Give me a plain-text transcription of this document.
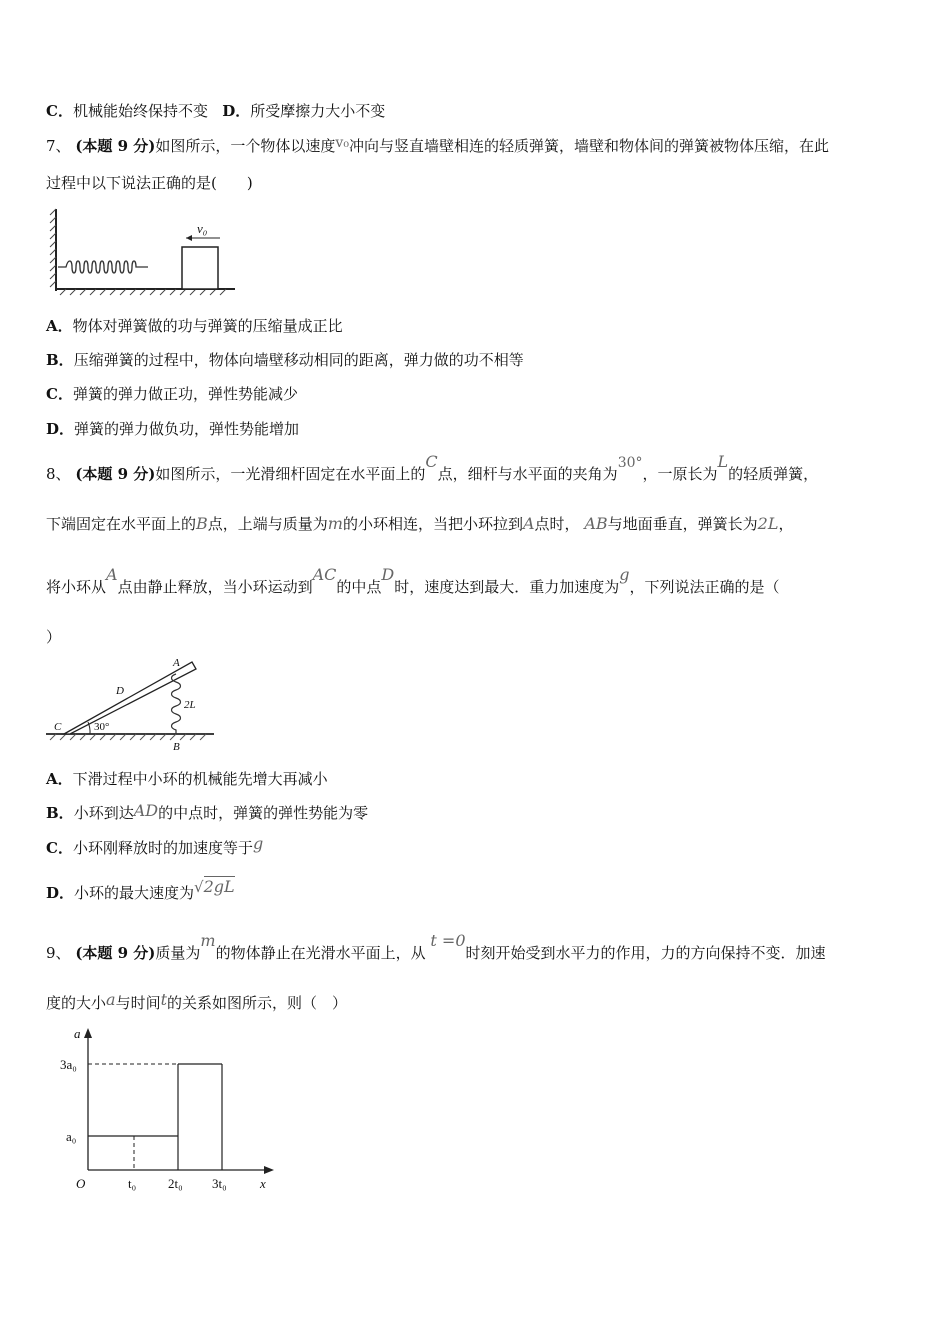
C．机械能始终保持不变 D．所受摩擦力大小不变
7、 (本题 9 分)如图所示，一个物体以速度v₀冲向与竖直墙壁相连的轻质弹簧，墙壁和物体间的弹簧被物体压缩，在此
过程中以下说法正确的是(　　)
v₀
A．物体对弹簧做的功与弹簧的压缩量成正比
B．压缩弹簧的过程中，物体向墙壁移动相同的距离，弹力做的功不相等
C．弹簧的弹力做正功，弹性势能减少
D．弹簧的弹力做负功，弹性势能增加
8、 (本题 9 分)如图所示，一光滑细杆固定在水平面上的C点，细杆与水平面的夹角为30°，一原长为L的轻质弹簧，
下端固定在水平面上的B点，上端与质量为m的小环相连，当把小环拉到A点时， AB与地面垂直，弹簧长为2L，
将小环从A点由静止释放，当小环运动到AC的中点D时，速度达到最大．重力加速度为g，下列说法正确的是（
）
30°
A
B
C
D
2L
A．下滑过程中小环的机械能先增大再减小
B．小环到达AD的中点时，弹簧的弹性势能为零
C．小环刚释放时的加速度等于g
D．小环的最大速度为√2gL
9、 (本题 9 分)质量为m的物体静止在光滑水平面上，从 t =0时刻开始受到水平力的作用，力的方向保持不变．加速
度的大小a与时间t的关系如图所示，则（　）
a
x
O
3a₀
a₀
t₀ 2t₀ 3t₀
